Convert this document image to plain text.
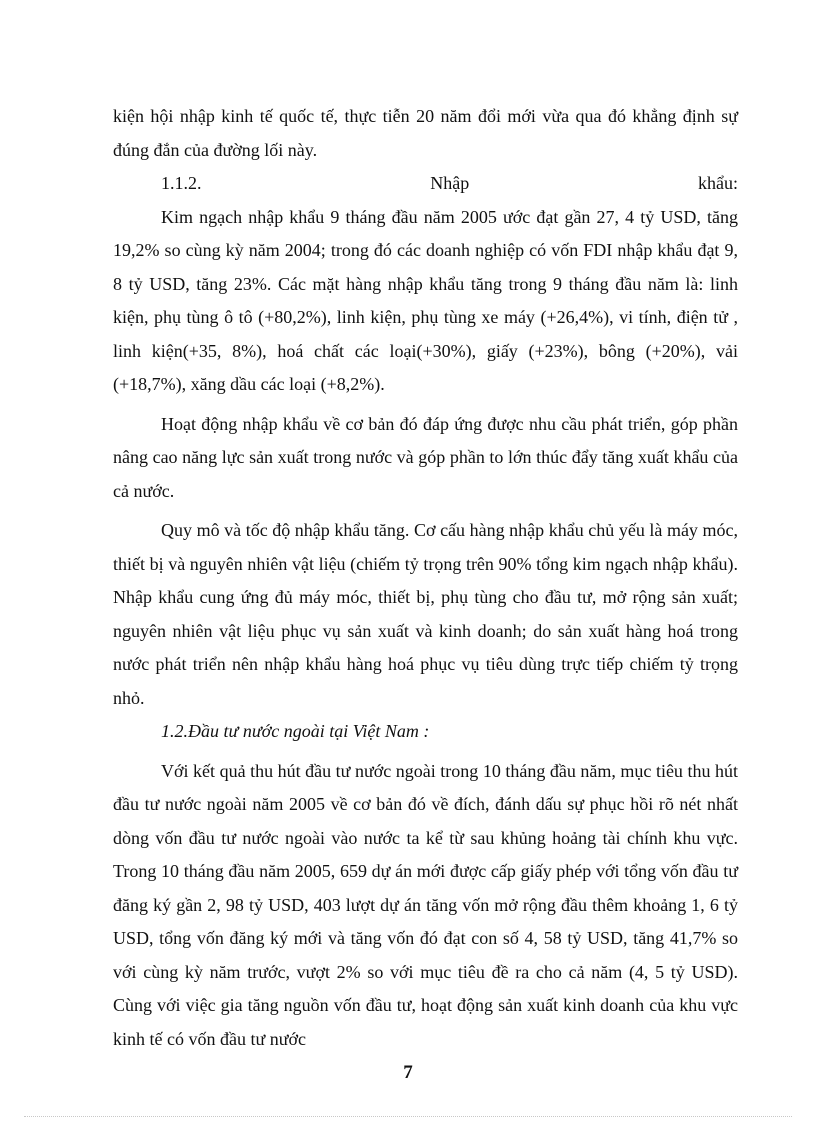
kiện hội nhập kinh tế quốc tế, thực tiễn 20 năm đổi mới vừa qua đó khẳng định sự đúng đắn của đường lối này.

1.1.2.	Nhập	khẩu:

Kim ngạch nhập khẩu 9 tháng đầu năm 2005 ước đạt gần 27, 4 tỷ USD, tăng 19,2% so cùng kỳ năm 2004; trong đó các doanh nghiệp có vốn FDI nhập khẩu đạt 9, 8 tỷ USD, tăng 23%. Các mặt hàng nhập khẩu tăng trong 9 tháng đầu năm là: linh kiện, phụ tùng ô tô (+80,2%), linh kiện, phụ tùng xe máy (+26,4%), vi tính, điện tử , linh kiện(+35, 8%), hoá chất các loại(+30%), giấy (+23%), bông (+20%), vải (+18,7%), xăng dầu các loại (+8,2%).

Hoạt động nhập khẩu về cơ bản đó đáp ứng được nhu cầu phát triển, góp phần nâng cao năng lực sản xuất trong nước và góp phần to lớn thúc đẩy tăng xuất khẩu của cả nước.

Quy mô và tốc độ nhập khẩu tăng. Cơ cấu hàng nhập khẩu chủ yếu là máy móc, thiết bị và nguyên nhiên vật liệu (chiếm tỷ trọng trên 90% tổng kim ngạch nhập khẩu). Nhập khẩu cung ứng đủ máy móc, thiết bị, phụ tùng cho đầu tư, mở rộng sản xuất; nguyên nhiên vật liệu phục vụ sản xuất và kinh doanh; do sản xuất hàng hoá trong nước phát triển nên nhập khẩu hàng hoá phục vụ tiêu dùng trực tiếp chiếm tỷ trọng nhỏ.

1.2.Đầu tư nước ngoài tại Việt Nam :

Với kết quả thu hút đầu tư nước ngoài trong 10 tháng đầu năm, mục tiêu thu hút đầu tư nước ngoài năm 2005 về cơ bản đó về đích, đánh dấu sự phục hồi rõ nét nhất dòng vốn đầu tư nước ngoài vào nước ta kể từ sau khủng hoảng tài chính khu vực. Trong 10 tháng đầu năm 2005, 659 dự án mới được cấp giấy phép với tổng vốn đầu tư đăng ký gần 2, 98 tỷ USD, 403 lượt dự án tăng vốn mở rộng đầu thêm khoảng 1, 6 tỷ USD, tổng vốn đăng ký mới và tăng vốn đó đạt con số 4, 58 tỷ USD, tăng 41,7% so với cùng kỳ năm trước, vượt 2% so với mục tiêu đề ra cho cả năm (4, 5 tỷ USD). Cùng với việc gia tăng nguồn vốn đầu tư, hoạt động sản xuất kinh doanh của khu vực kinh tế có vốn đầu tư nước

7
